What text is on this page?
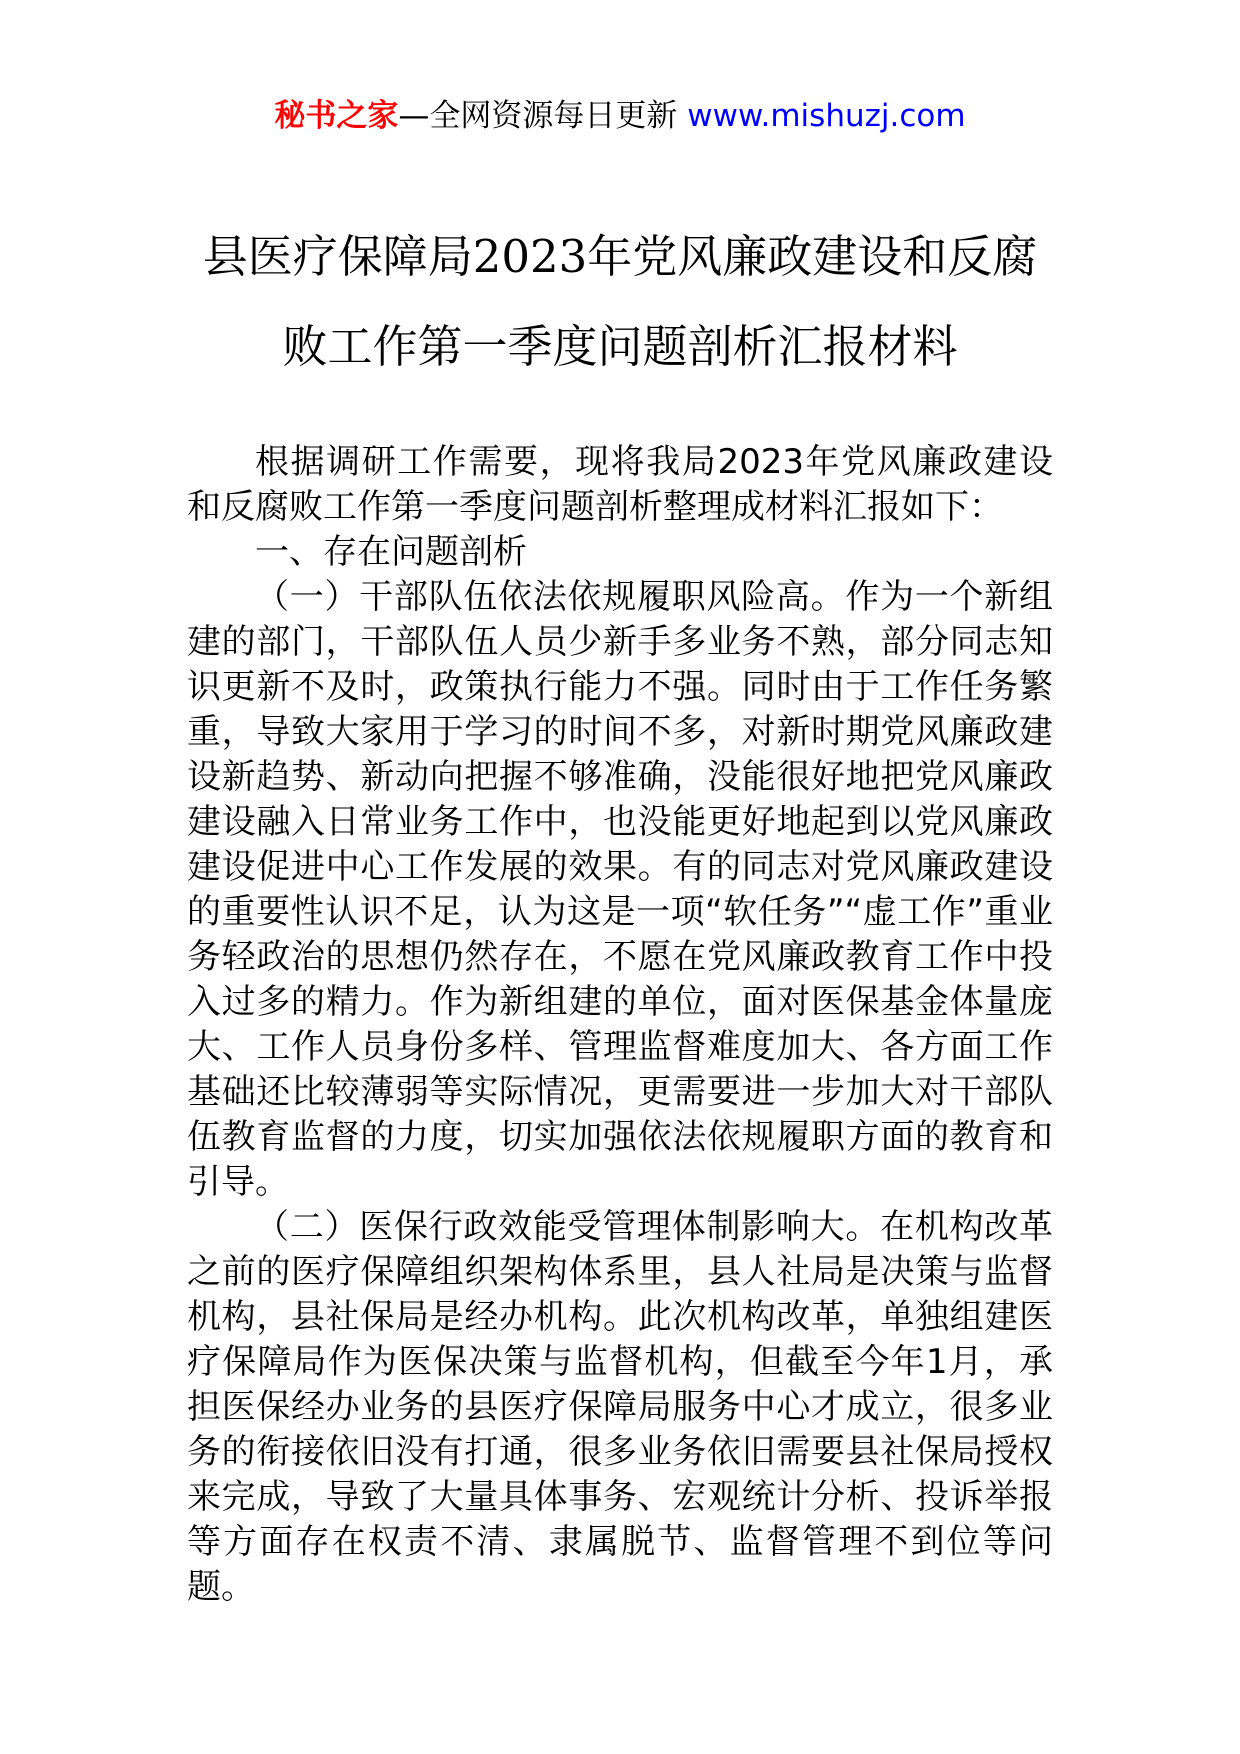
秘书之家—全网资源每日更新 www.mishuzj.com
县医疗保障局2023年党风廉政建设和反腐
败工作第一季度问题剖析汇报材料

根据调研工作需要，现将我局2023年党风廉政建设和反腐败工作第一季度问题剖析整理成材料汇报如下：

一、存在问题剖析

（一）干部队伍依法依规履职风险高。作为一个新组建的部门，干部队伍人员少新手多业务不熟，部分同志知识更新不及时，政策执行能力不强。同时由于工作任务繁重，导致大家用于学习的时间不多，对新时期党风廉政建设新趋势、新动向把握不够准确，没能很好地把党风廉政建设融入日常业务工作中，也没能更好地起到以党风廉政建设促进中心工作发展的效果。有的同志对党风廉政建设的重要性认识不足，认为这是一项“软任务”“虚工作”重业务轻政治的思想仍然存在，不愿在党风廉政教育工作中投入过多的精力。作为新组建的单位，面对医保基金体量庞大、工作人员身份多样、管理监督难度加大、各方面工作基础还比较薄弱等实际情况，更需要进一步加大对干部队伍教育监督的力度，切实加强依法依规履职方面的教育和引导。

（二）医保行政效能受管理体制影响大。在机构改革之前的医疗保障组织架构体系里，县人社局是决策与监督机构，县社保局是经办机构。此次机构改革，单独组建医疗保障局作为医保决策与监督机构，但截至今年1月，承担医保经办业务的县医疗保障局服务中心才成立，很多业务的衔接依旧没有打通，很多业务依旧需要县社保局授权来完成，导致了大量具体事务、宏观统计分析、投诉举报等方面存在权责不清、隶属脱节、监督管理不到位等问题。
